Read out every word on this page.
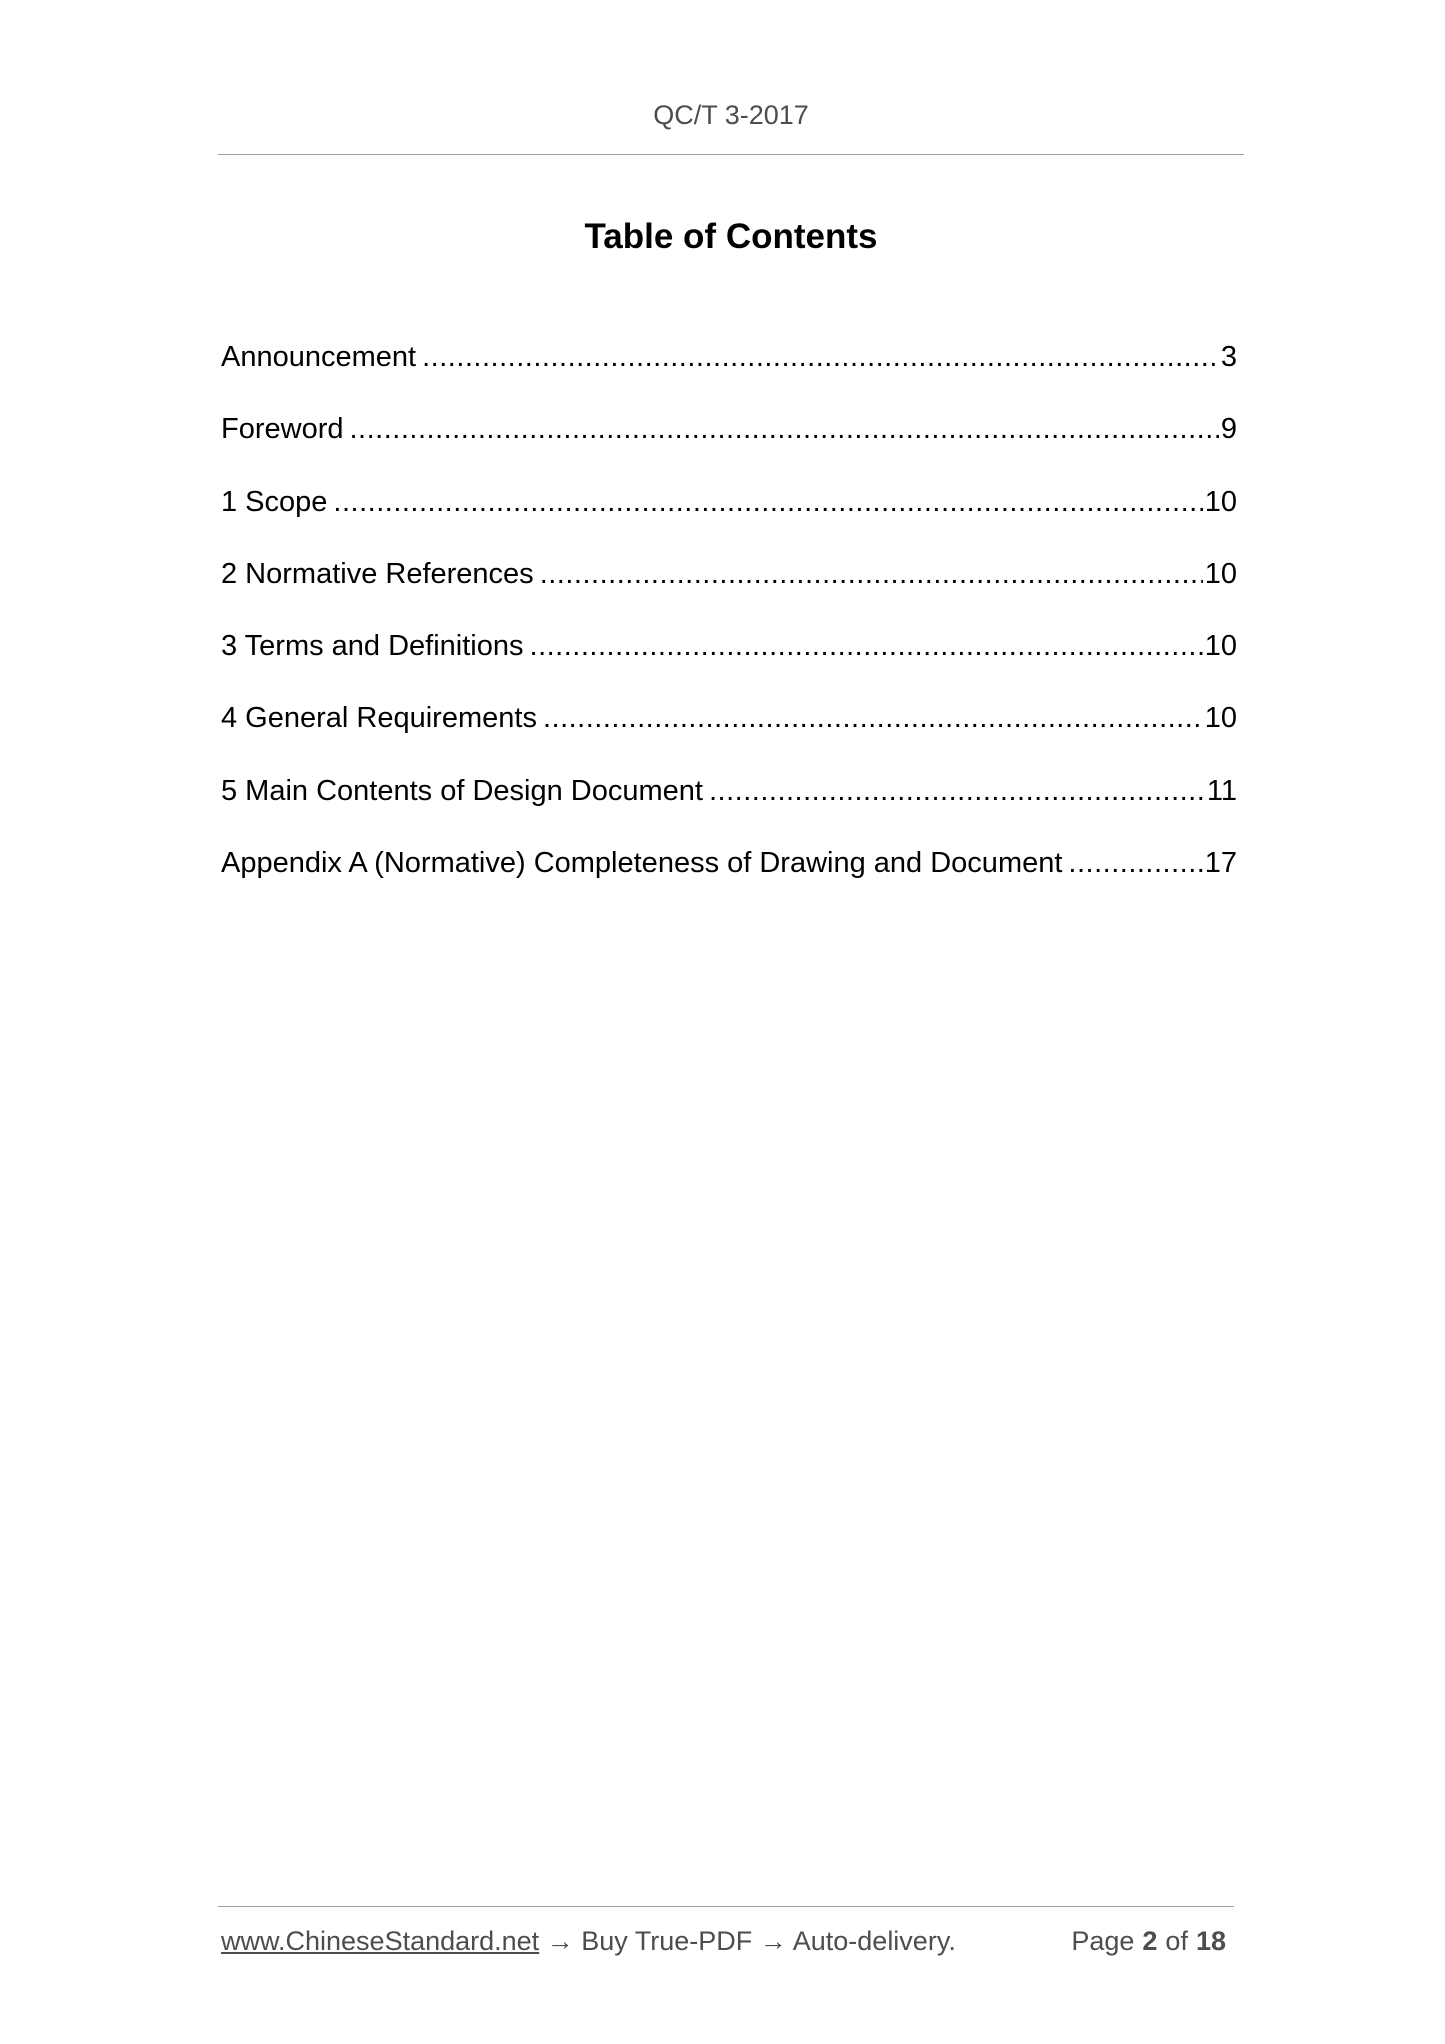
QC/T 3-2017
Table of Contents
Announcement .....	3
Foreword .....	9
1 Scope .....	10
2 Normative References .....	10
3 Terms and Definitions .....	10
4 General Requirements .....	10
5 Main Contents of Design Document .....	11
Appendix A (Normative) Completeness of Drawing and Document .....	17
www.ChineseStandard.net → Buy True-PDF → Auto-delivery.	Page 2 of 18
